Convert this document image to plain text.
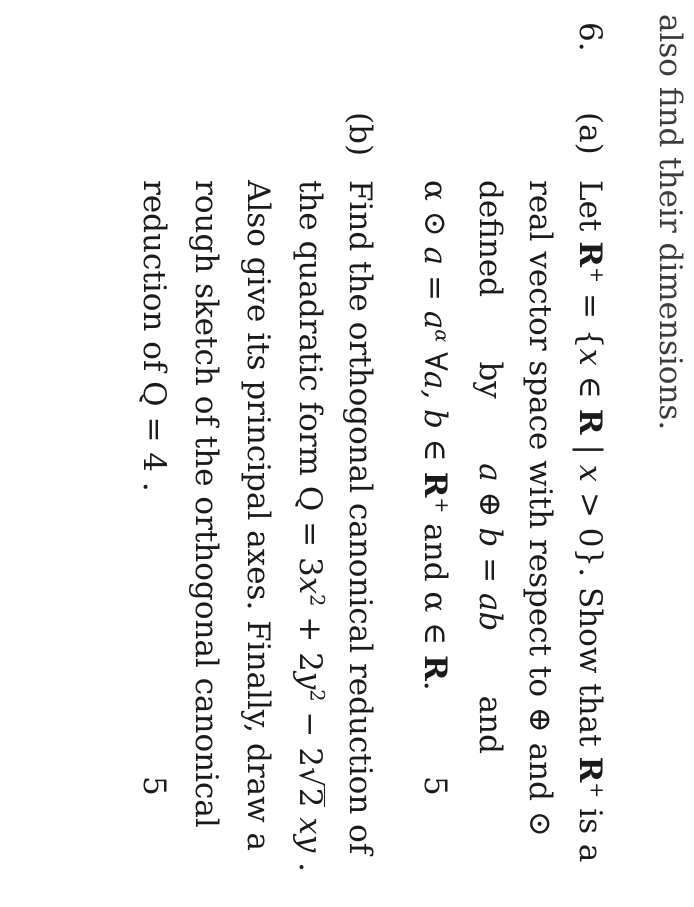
also find their dimensions.
6.
(a)
Let R+ = {x ∈ R | x > 0}. Show that R+ is a
real vector space with respect to ⊕ and ⊙
defined
by
a ⊕ b = ab
and
α ⊙ $a = a^\alpha$ ∀a, b ∈ R+ and α ∈ R.
5
(b)
Find the orthogonal canonical reduction of
the quadratic form $Q = 3x^2 + 2y^2 - 2√2$ xy .
Also give its principal axes. Finally, draw a
rough sketch of the orthogonal canonical
reduction of Q = 4 .
5
